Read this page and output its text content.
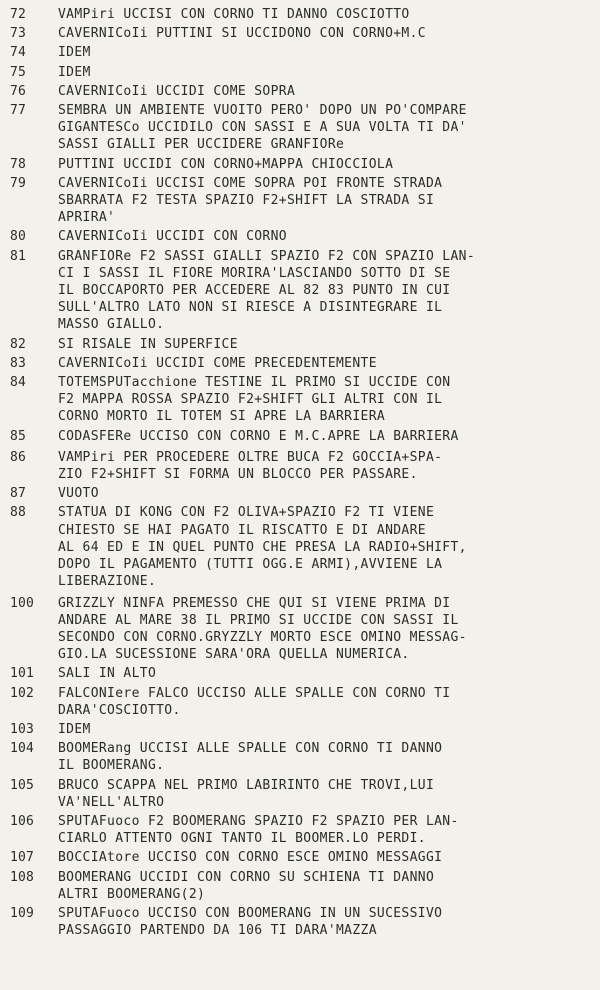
72	VAMPiri UCCISI CON CORNO TI DANNO COSCIOTTO
73	CAVERNICoIi PUTTINI SI UCCIDONO CON CORNO+M.C
74	IDEM
75	IDEM
76	CAVERNICoIi UCCIDI COME SOPRA
77	SEMBRA UN AMBIENTE VUOITO PERO' DOPO UN PO'COMPARE
GIGANTESCo UCCIDILO CON SASSI E A SUA VOLTA TI DA'
SASSI GIALLI PER UCCIDERE GRANFIORe
78	PUTTINI UCCIDI CON CORNO+MAPPA CHIOCCIOLA
79	CAVERNICoIi UCCISI COME SOPRA POI FRONTE STRADA
SBARRATA F2 TESTA SPAZIO F2+SHIFT LA STRADA SI
APRIRA'
80	CAVERNICoIi UCCIDI CON CORNO
81	GRANFIORe F2 SASSI GIALLI SPAZIO F2 CON SPAZIO LAN-
CI I SASSI IL FIORE MORIRA'LASCIANDO SOTTO DI SE
IL BOCCAPORTO PER ACCEDERE AL 82 83 PUNTO IN CUI
SULL'ALTRO LATO NON SI RIESCE A DISINTEGRARE IL
MASSO GIALLO.
82	SI RISALE IN SUPERFICE
83	CAVERNICoIi UCCIDI COME PRECEDENTEMENTE
84	TOTEMSPUTacchione TESTINE IL PRIMO SI UCCIDE CON
F2 MAPPA ROSSA SPAZIO F2+SHIFT GLI ALTRI CON IL
CORNO MORTO IL TOTEM SI APRE LA BARRIERA
85	CODASFERe UCCISO CON CORNO E M.C.APRE LA BARRIERA
86	VAMPiri PER PROCEDERE OLTRE BUCA F2 GOCCIA+SPA-
ZIO F2+SHIFT SI FORMA UN BLOCCO PER PASSARE.
87	VUOTO
88	STATUA DI KONG CON F2 OLIVA+SPAZIO F2 TI VIENE
CHIESTO SE HAI PAGATO IL RISCATTO E DI ANDARE
AL 64 ED E IN QUEL PUNTO CHE PRESA LA RADIO+SHIFT,
DOPO IL PAGAMENTO (TUTTI OGG.E ARMI),AVVIENE LA
LIBERAZIONE.
100	GRIZZLY NINFA PREMESSO CHE QUI SI VIENE PRIMA DI
ANDARE AL MARE 38 IL PRIMO SI UCCIDE CON SASSI IL
SECONDO CON CORNO.GRYZZLY MORTO ESCE OMINO MESSAG-
GIO.LA SUCESSIONE SARA'ORA QUELLA NUMERICA.
101	SALI IN ALTO
102	FALCONIere FALCO UCCISO ALLE SPALLE CON CORNO TI
DARA'COSCIOTTO.
103	IDEM
104	BOOMERang UCCISI ALLE SPALLE CON CORNO TI DANNO
IL BOOMERANG.
105	BRUCO SCAPPA NEL PRIMO LABIRINTO CHE TROVI,LUI
VA'NELL'ALTRO
106	SPUTAFuoco F2 BOOMERANG SPAZIO F2 SPAZIO PER LAN-
CIARLO ATTENTO OGNI TANTO IL BOOMER.LO PERDI.
107	BOCCIAtore UCCISO CON CORNO ESCE OMINO MESSAGGI
108	BOOMERANG UCCIDI CON CORNO SU SCHIENA TI DANNO
ALTRI BOOMERANG(2)
109	SPUTAFuoco UCCISO CON BOOMERANG IN UN SUCESSIVO
PASSAGGIO PARTENDO DA 106 TI DARA'MAZZA
